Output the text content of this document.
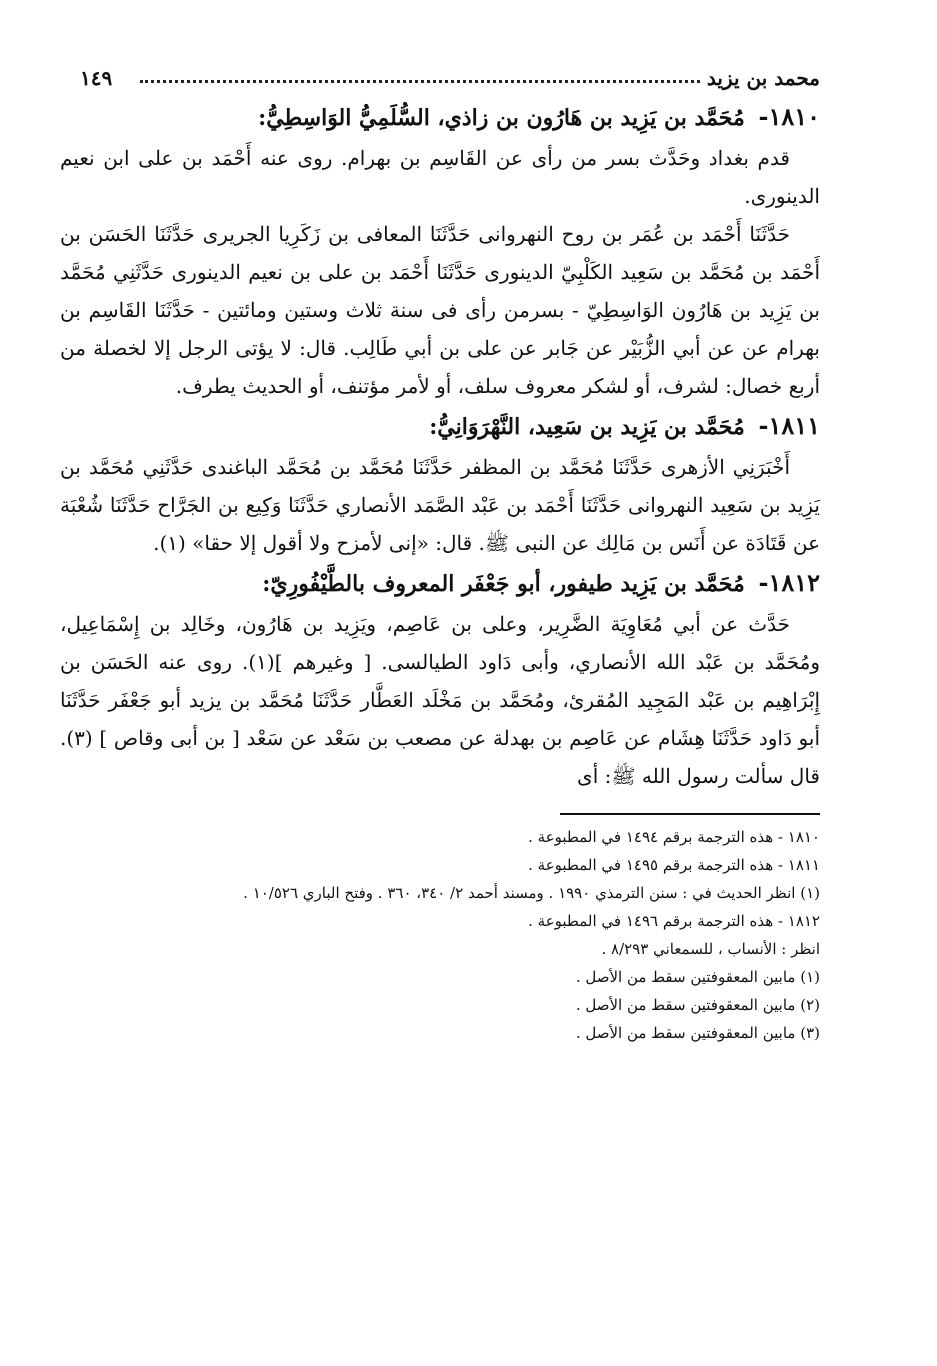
محمد بن يزيد
١٤٩
١٨١٠- مُحَمَّد بن يَزِيد بن هَارُون بن زاذي، السُّلَمِيُّ الوَاسِطِيُّ:

قدم بغداد وحَدَّث بسر من رأى عن القَاسِم بن بهرام. روى عنه أَحْمَد بن على ابن نعيم الدينورى.

حَدَّثَنَا أَحْمَد بن عُمَر بن روح النهروانى حَدَّثَنَا المعافى بن زَكَرِيا الجريرى حَدَّثَنَا الحَسَن بن أَحْمَد بن مُحَمَّد بن سَعِيد الكَلْبِيّ الدينورى حَدَّثَنَا أَحْمَد بن على بن نعيم الدينورى حَدَّثَنِي مُحَمَّد بن يَزِيد بن هَارُون الوَاسِطِيّ - بسرمن رأى فى سنة ثلاث وستين ومائتين - حَدَّثَنَا القَاسِم بن بهرام عن عن أبي الزُّبَيْر عن جَابر عن على بن أبي طَالِب. قال: لا يؤتى الرجل إلا لخصلة من أربع خصال: لشرف، أو لشكر معروف سلف، أو لأمر مؤتنف، أو الحديث يطرف.

١٨١١- مُحَمَّد بن يَزِيد بن سَعِيد، النَّهْرَوَانِيُّ:

أَخْبَرَنِي الأزهرى حَدَّثَنَا مُحَمَّد بن المظفر حَدَّثَنَا مُحَمَّد بن مُحَمَّد الباغندى حَدَّثَنِي مُحَمَّد بن يَزِيد بن سَعِيد النهروانى حَدَّثَنَا أَحْمَد بن عَبْد الصَّمَد الأنصاري حَدَّثَنَا وَكِيع بن الجَرَّاح حَدَّثَنَا شُعْبَة عن قَتَادَة عن أَنَس بن مَالِك عن النبى ﷺ. قال: «إنى لأمزح ولا أقول إلا حقا» (١).

١٨١٢- مُحَمَّد بن يَزِيد طيفور، أبو جَعْفَر المعروف بالطَّيْفُورِيّ:

حَدَّث عن أبي مُعَاوِيَة الضَّرِير، وعلى بن عَاصِم، ويَزِيد بن هَارُون، وخَالِد بن إِسْمَاعِيل، ومُحَمَّد بن عَبْد الله الأنصاري، وأبى دَاود الطيالسى. [ وغيرهم ](١). روى عنه الحَسَن بن إِبْرَاهِيم بن عَبْد المَجِيد المُقرئ، ومُحَمَّد بن مَخْلَد العَطَّار حَدَّثَنَا مُحَمَّد بن يزيد أبو جَعْفَر حَدَّثَنَا أبو دَاود حَدَّثَنَا هِشَام عن عَاصِم بن بهدلة عن مصعب بن سَعْد عن سَعْد [ بن أبى وقاص ] (٣). قال سألت رسول الله ﷺ: أى

١٨١٠ - هذه الترجمة برقم ١٤٩٤ في المطبوعة .
١٨١١ - هذه الترجمة برقم ١٤٩٥ في المطبوعة .
(١) انظر الحديث في : سنن الترمذي ١٩٩٠ . ومسند أحمد ٢/ ٣٤٠، ٣٦٠ . وفتح الباري ١٠/٥٢٦ .
١٨١٢ - هذه الترجمة برقم ١٤٩٦ في المطبوعة .
انظر : الأنساب ، للسمعاني ٨/٢٩٣ .
(١) مابين المعقوفتين سقط من الأصل .
(٢) مابين المعقوفتين سقط من الأصل .
(٣) مابين المعقوفتين سقط من الأصل .
